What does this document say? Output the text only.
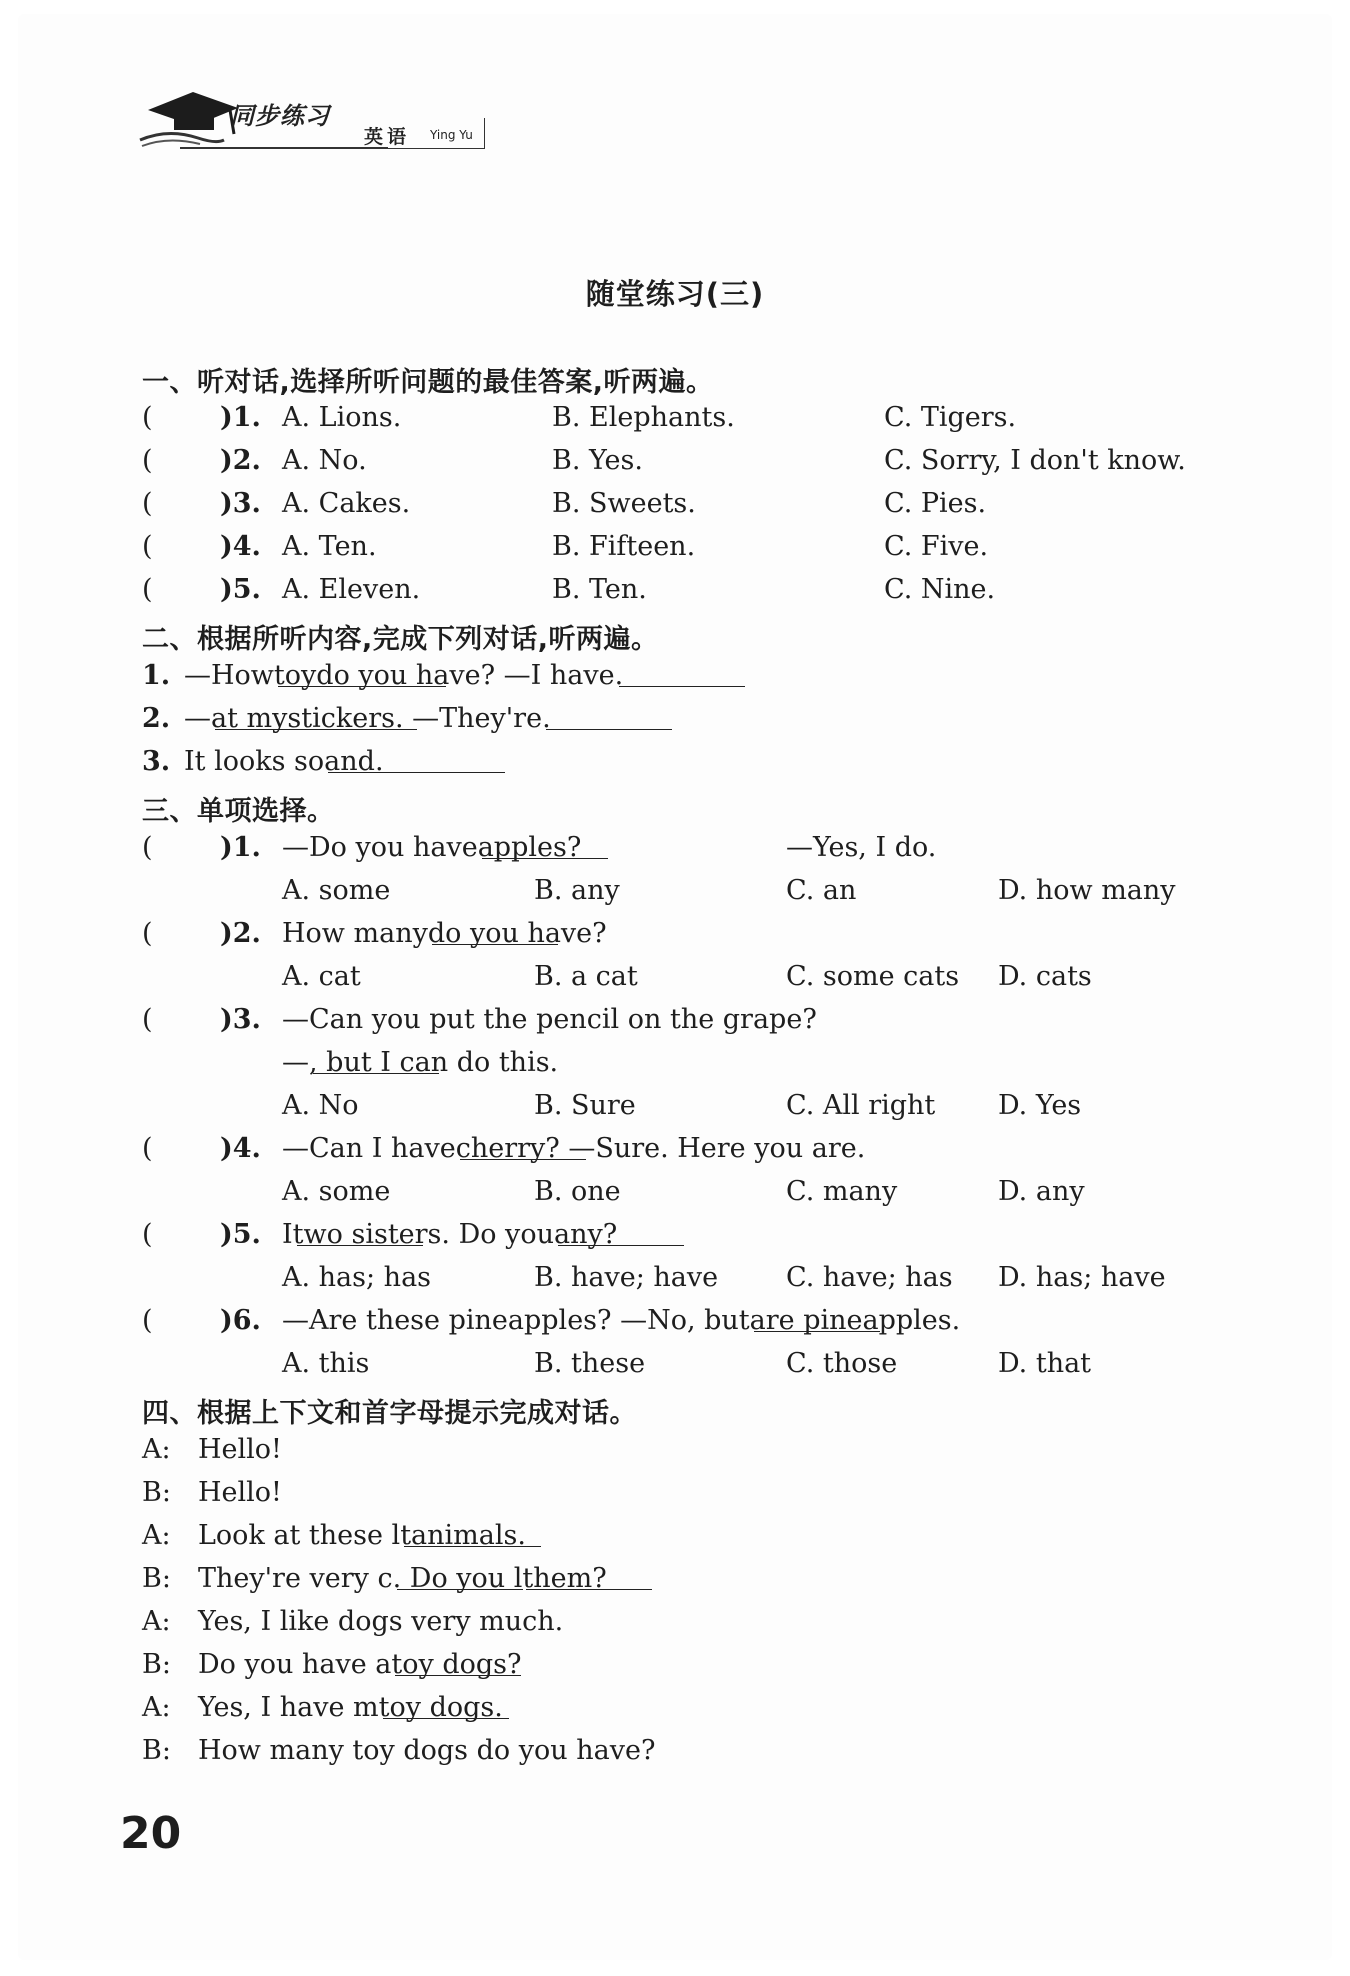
同步练习
英语 Ying Yu
随堂练习(三)
一、听对话,选择所听问题的最佳答案,听两遍。
( )1. A. Lions.	B. Elephants.	C. Tigers.
( )2. A. No.	B. Yes.	C. Sorry, I don't know.
( )3. A. Cakes.	B. Sweets.	C. Pies.
( )4. A. Ten.	B. Fifteen.	C. Five.
( )5. A. Eleven.	B. Ten.	C. Nine.
二、根据所听内容,完成下列对话,听两遍。
1. —How
toy
do you have? —I have
.
2. —
at my
stickers. —They're
.
3. It looks so
and
.
三、单项选择。
( )1. —Do you have
apples?	—Yes, I do.
A. some	B. any	C. an	D. how many
( )2. How many
do you have?
A. cat	B. a cat	C. some cats D. cats
( )3. —Can you put the pencil on the grape?
—
, but I can do this.
A. No	B. Sure	C. All right D. Yes
( )4. —Can I have
cherry? —Sure. Here you are.
A. some	B. one	C. many	D. any
( )5. I
two sisters. Do you
any?
A. has; has	B. have; have	C. have; has D. has; have
( )6. —Are these pineapples? —No, but
are pineapples.
A. this	B. these	C. those	D. that
四、根据上下文和首字母提示完成对话。
A: Hello!
B: Hello!
A: Look at these l
t
animals.
B: They're very c
. Do you l
them?
A: Yes, I like dogs very much.
B: Do you have a
toy dogs?
A: Yes, I have m
toy dogs.
B: How many toy dogs do you have?
20
